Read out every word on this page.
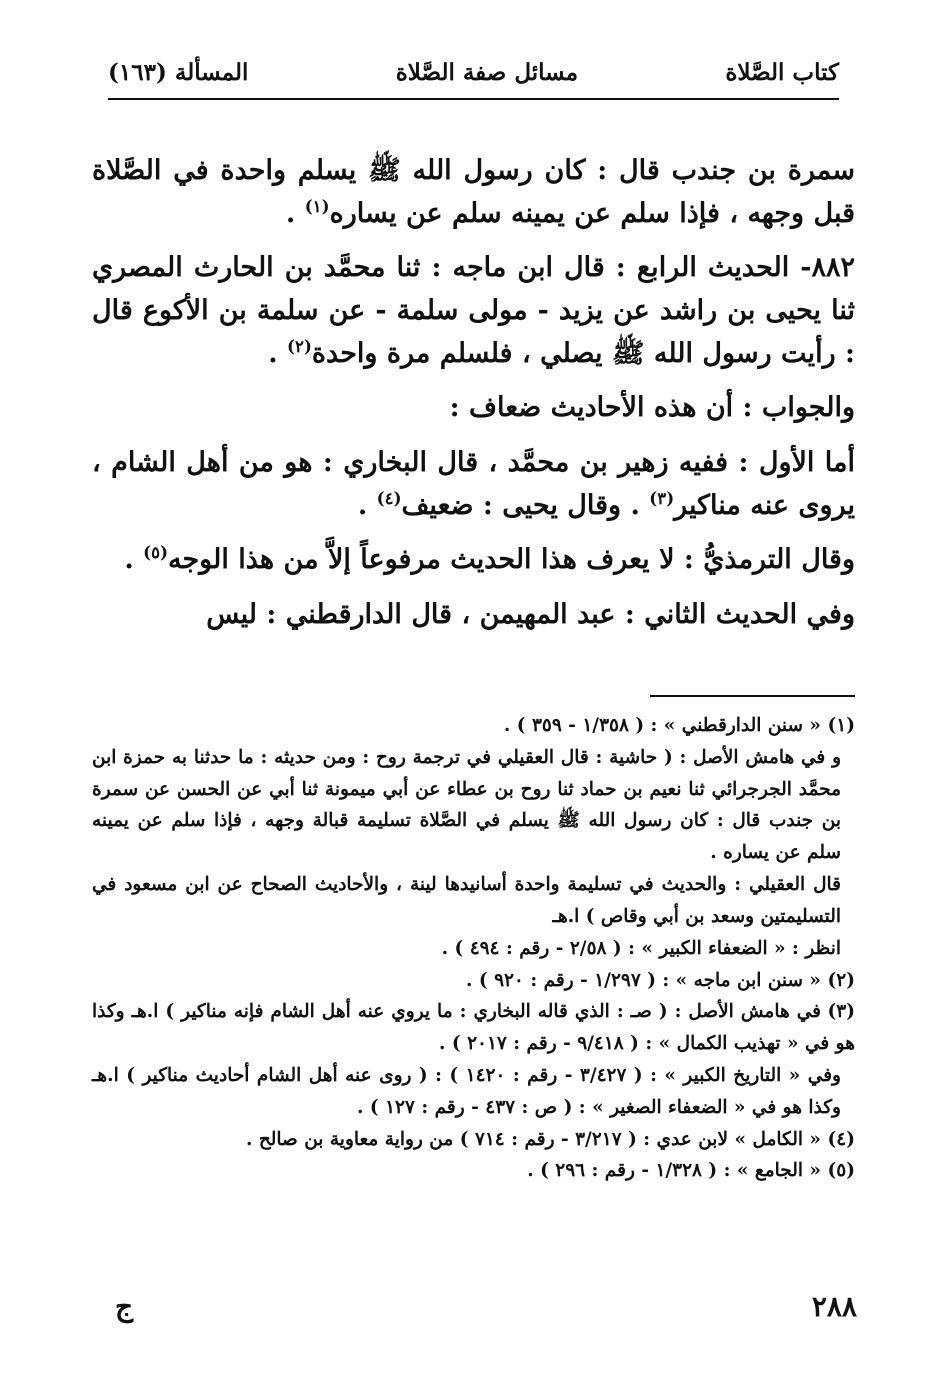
كتاب الصَّلاة
مسائل صفة الصَّلاة
المسألة (١٦٣)

سمرة بن جندب قال : كان رسول الله ﷺ يسلم واحدة في الصَّلاة قبل وجهه ، فإذا سلم عن يمينه سلم عن يساره$^{(١)}$ .

٨٨٢- الحديث الرابع : قال ابن ماجه : ثنا محمَّد بن الحارث المصري ثنا يحيى بن راشد عن يزيد - مولى سلمة - عن سلمة بن الأكوع قال : رأيت رسول الله ﷺ يصلي ، فلسلم مرة واحدة$^{(٢)}$ .

والجواب : أن هذه الأحاديث ضعاف :

أما الأول : ففيه زهير بن محمَّد ، قال البخاري : هو من أهل الشام ، يروى عنه مناكير$^{(٣)}$ . وقال يحيى : ضعيف$^{(٤)}$ .

وقال الترمذيُّ : لا يعرف هذا الحديث مرفوعاً إلاَّ من هذا الوجه$^{(٥)}$ .

وفي الحديث الثاني : عبد المهيمن ، قال الدارقطني : ليس

(١)« سنن الدارقطني » : ( ١/٣٥٨ - ٣٥٩ ) .

و في هامش الأصل : ( حاشية : قال العقيلي في ترجمة روح : ومن حديثه : ما حدثنا به حمزة ابن محمَّد الجرجرائي ثنا نعيم بن حماد ثنا روح بن عطاء عن أبي ميمونة ثنا أبي عن الحسن عن سمرة بن جندب قال : كان رسول الله ﷺ يسلم في الصَّلاة تسليمة قبالة وجهه ، فإذا سلم عن يمينه سلم عن يساره .

قال العقيلي : والحديث في تسليمة واحدة أسانيدها لينة ، والأحاديث الصحاح عن ابن مسعود في التسليمتين وسعد بن أبي وقاص ) ا.هـ

انظر : « الضعفاء الكبير » : ( ٢/٥٨ - رقم : ٤٩٤ ) .

(٢)« سنن ابن ماجه » : ( ١/٢٩٧ - رقم : ٩٢٠ ) .

(٣)في هامش الأصل : ( صـ : الذي قاله البخاري : ما يروي عنه أهل الشام فإنه مناكير ) ا.هـ وكذا هو في « تهذيب الكمال » : ( ٩/٤١٨ - رقم : ٢٠١٧ ) .

وفي « التاريخ الكبير » : ( ٣/٤٢٧ - رقم : ١٤٢٠ ) : ( روى عنه أهل الشام أحاديث مناكير ) ا.هـ وكذا هو في « الضعفاء الصغير » : ( ص : ٤٣٧ - رقم : ١٢٧ ) .

(٤)« الكامل » لابن عدي : ( ٣/٢١٧ - رقم : ٧١٤ ) من رواية معاوية بن صالح .

(٥)« الجامع » : ( ١/٣٢٨ - رقم : ٢٩٦ ) .

٢٨٨
ج
